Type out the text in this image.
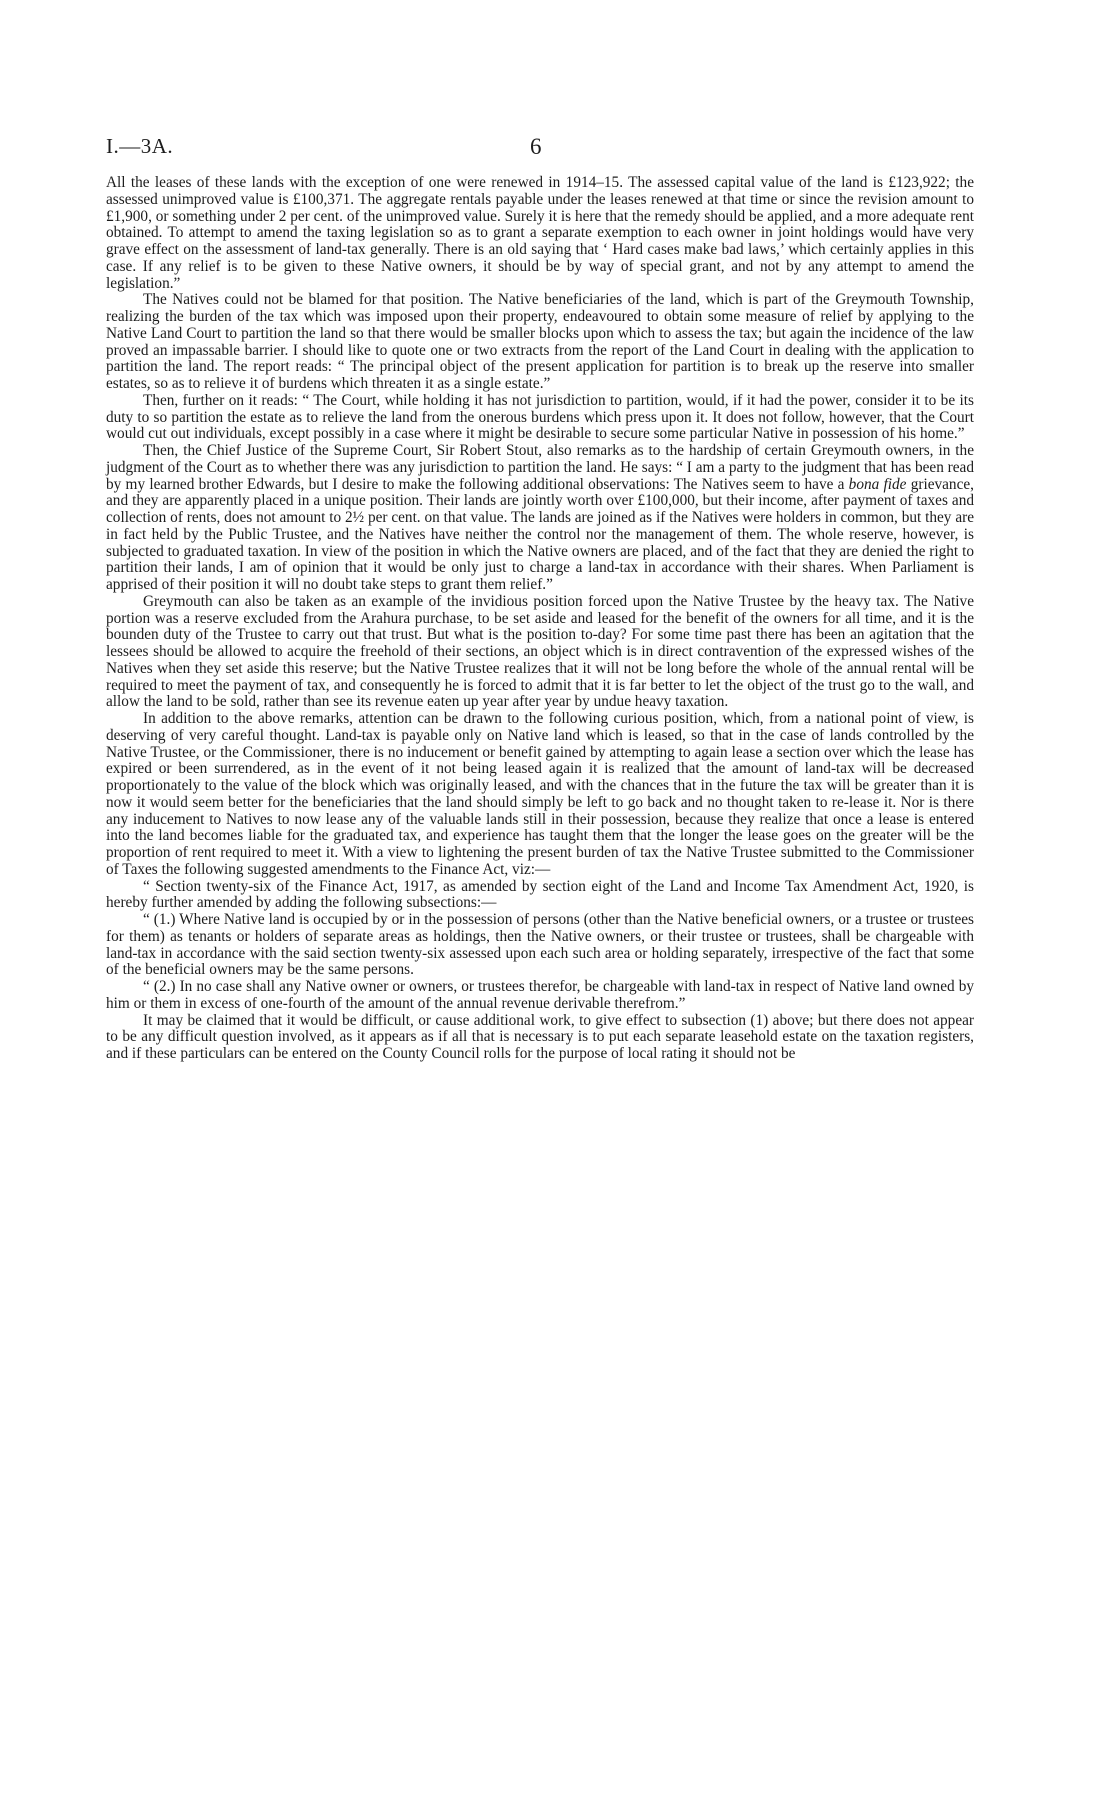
I.—3A.	6

All the leases of these lands with the exception of one were renewed in 1914–15. The assessed capital value of the land is £123,922; the assessed unimproved value is £100,371. The aggregate rentals payable under the leases renewed at that time or since the revision amount to £1,900, or something under 2 per cent. of the unimproved value. Surely it is here that the remedy should be applied, and a more adequate rent obtained. To attempt to amend the taxing legislation so as to grant a separate exemption to each owner in joint holdings would have very grave effect on the assessment of land-tax generally. There is an old saying that ‘ Hard cases make bad laws,’ which certainly applies in this case. If any relief is to be given to these Native owners, it should be by way of special grant, and not by any attempt to amend the legislation.”

The Natives could not be blamed for that position. The Native beneficiaries of the land, which is part of the Greymouth Township, realizing the burden of the tax which was imposed upon their property, endeavoured to obtain some measure of relief by applying to the Native Land Court to partition the land so that there would be smaller blocks upon which to assess the tax; but again the incidence of the law proved an impassable barrier. I should like to quote one or two extracts from the report of the Land Court in dealing with the application to partition the land. The report reads: “ The principal object of the present application for partition is to break up the reserve into smaller estates, so as to relieve it of burdens which threaten it as a single estate.”

Then, further on it reads: “ The Court, while holding it has not jurisdiction to partition, would, if it had the power, consider it to be its duty to so partition the estate as to relieve the land from the onerous burdens which press upon it. It does not follow, however, that the Court would cut out individuals, except possibly in a case where it might be desirable to secure some particular Native in possession of his home.”

Then, the Chief Justice of the Supreme Court, Sir Robert Stout, also remarks as to the hardship of certain Greymouth owners, in the judgment of the Court as to whether there was any jurisdiction to partition the land. He says: “ I am a party to the judgment that has been read by my learned brother Edwards, but I desire to make the following additional observations: The Natives seem to have a bona fide grievance, and they are apparently placed in a unique position. Their lands are jointly worth over £100,000, but their income, after payment of taxes and collection of rents, does not amount to 2½ per cent. on that value. The lands are joined as if the Natives were holders in common, but they are in fact held by the Public Trustee, and the Natives have neither the control nor the management of them. The whole reserve, however, is subjected to graduated taxation. In view of the position in which the Native owners are placed, and of the fact that they are denied the right to partition their lands, I am of opinion that it would be only just to charge a land-tax in accordance with their shares. When Parliament is apprised of their position it will no doubt take steps to grant them relief.”

Greymouth can also be taken as an example of the invidious position forced upon the Native Trustee by the heavy tax. The Native portion was a reserve excluded from the Arahura purchase, to be set aside and leased for the benefit of the owners for all time, and it is the bounden duty of the Trustee to carry out that trust. But what is the position to-day? For some time past there has been an agitation that the lessees should be allowed to acquire the freehold of their sections, an object which is in direct contravention of the expressed wishes of the Natives when they set aside this reserve; but the Native Trustee realizes that it will not be long before the whole of the annual rental will be required to meet the payment of tax, and consequently he is forced to admit that it is far better to let the object of the trust go to the wall, and allow the land to be sold, rather than see its revenue eaten up year after year by undue heavy taxation.

In addition to the above remarks, attention can be drawn to the following curious position, which, from a national point of view, is deserving of very careful thought. Land-tax is payable only on Native land which is leased, so that in the case of lands controlled by the Native Trustee, or the Commissioner, there is no inducement or benefit gained by attempting to again lease a section over which the lease has expired or been surrendered, as in the event of it not being leased again it is realized that the amount of land-tax will be decreased proportionately to the value of the block which was originally leased, and with the chances that in the future the tax will be greater than it is now it would seem better for the beneficiaries that the land should simply be left to go back and no thought taken to re-lease it. Nor is there any inducement to Natives to now lease any of the valuable lands still in their possession, because they realize that once a lease is entered into the land becomes liable for the graduated tax, and experience has taught them that the longer the lease goes on the greater will be the proportion of rent required to meet it. With a view to lightening the present burden of tax the Native Trustee submitted to the Commissioner of Taxes the following suggested amendments to the Finance Act, viz:—

“ Section twenty-six of the Finance Act, 1917, as amended by section eight of the Land and Income Tax Amendment Act, 1920, is hereby further amended by adding the following subsections:—

“ (1.) Where Native land is occupied by or in the possession of persons (other than the Native beneficial owners, or a trustee or trustees for them) as tenants or holders of separate areas as holdings, then the Native owners, or their trustee or trustees, shall be chargeable with land-tax in accordance with the said section twenty-six assessed upon each such area or holding separately, irrespective of the fact that some of the beneficial owners may be the same persons.

“ (2.) In no case shall any Native owner or owners, or trustees therefor, be chargeable with land-tax in respect of Native land owned by him or them in excess of one-fourth of the amount of the annual revenue derivable therefrom.”

It may be claimed that it would be difficult, or cause additional work, to give effect to subsection (1) above; but there does not appear to be any difficult question involved, as it appears as if all that is necessary is to put each separate leasehold estate on the taxation registers, and if these particulars can be entered on the County Council rolls for the purpose of local rating it should not be
